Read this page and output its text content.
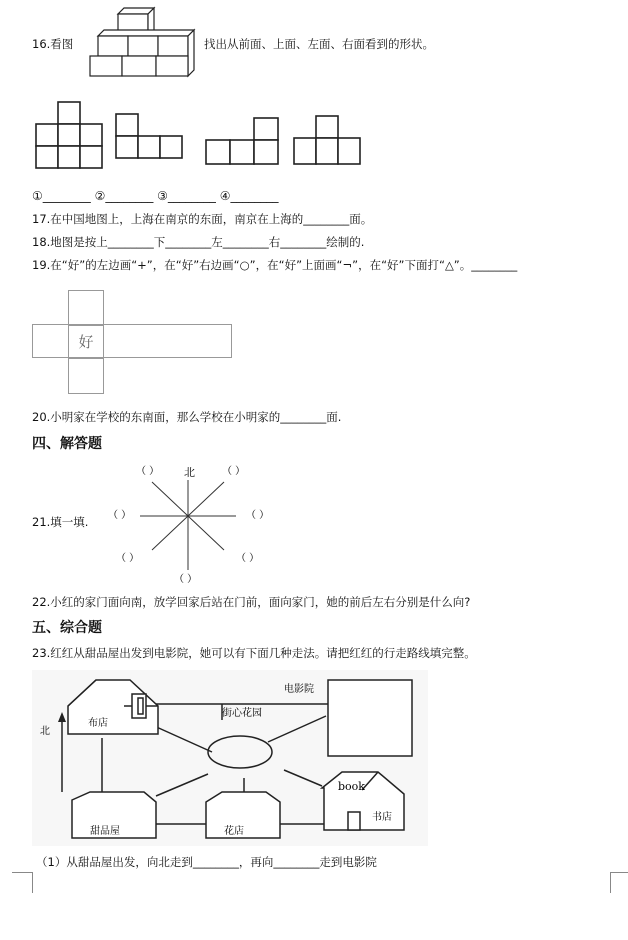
16.看图	找出从前面、上面、左面、右面看到的形状。
①________ ②________ ③________ ④________
17.在中国地图上，上海在南京的东面，南京在上海的________面。
18.地图是按上________下________左________右________绘制的.
19.在“好”的左边画“+”，在“好”右边画“○”，在“好”上面画“¬”，在“好”下面打“△”。________
好
20.小明家在学校的东南面，那么学校在小明家的________面.
四、解答题
21.填一填.
北
（ ）	（ ）
（ ）	（ ）
（ ）	（ ）
（ ）
22.小红的家门面向南，放学回家后站在门前，面向家门，她的前后左右分别是什么向?
五、综合题
23.红红从甜品屋出发到电影院，她可以有下面几种走法。请把红红的行走路线填完整。
电影院
布店
街心花园
book
书店
甜品屋	花店
北
（1）从甜品屋出发，向北走到________，再向________走到电影院
